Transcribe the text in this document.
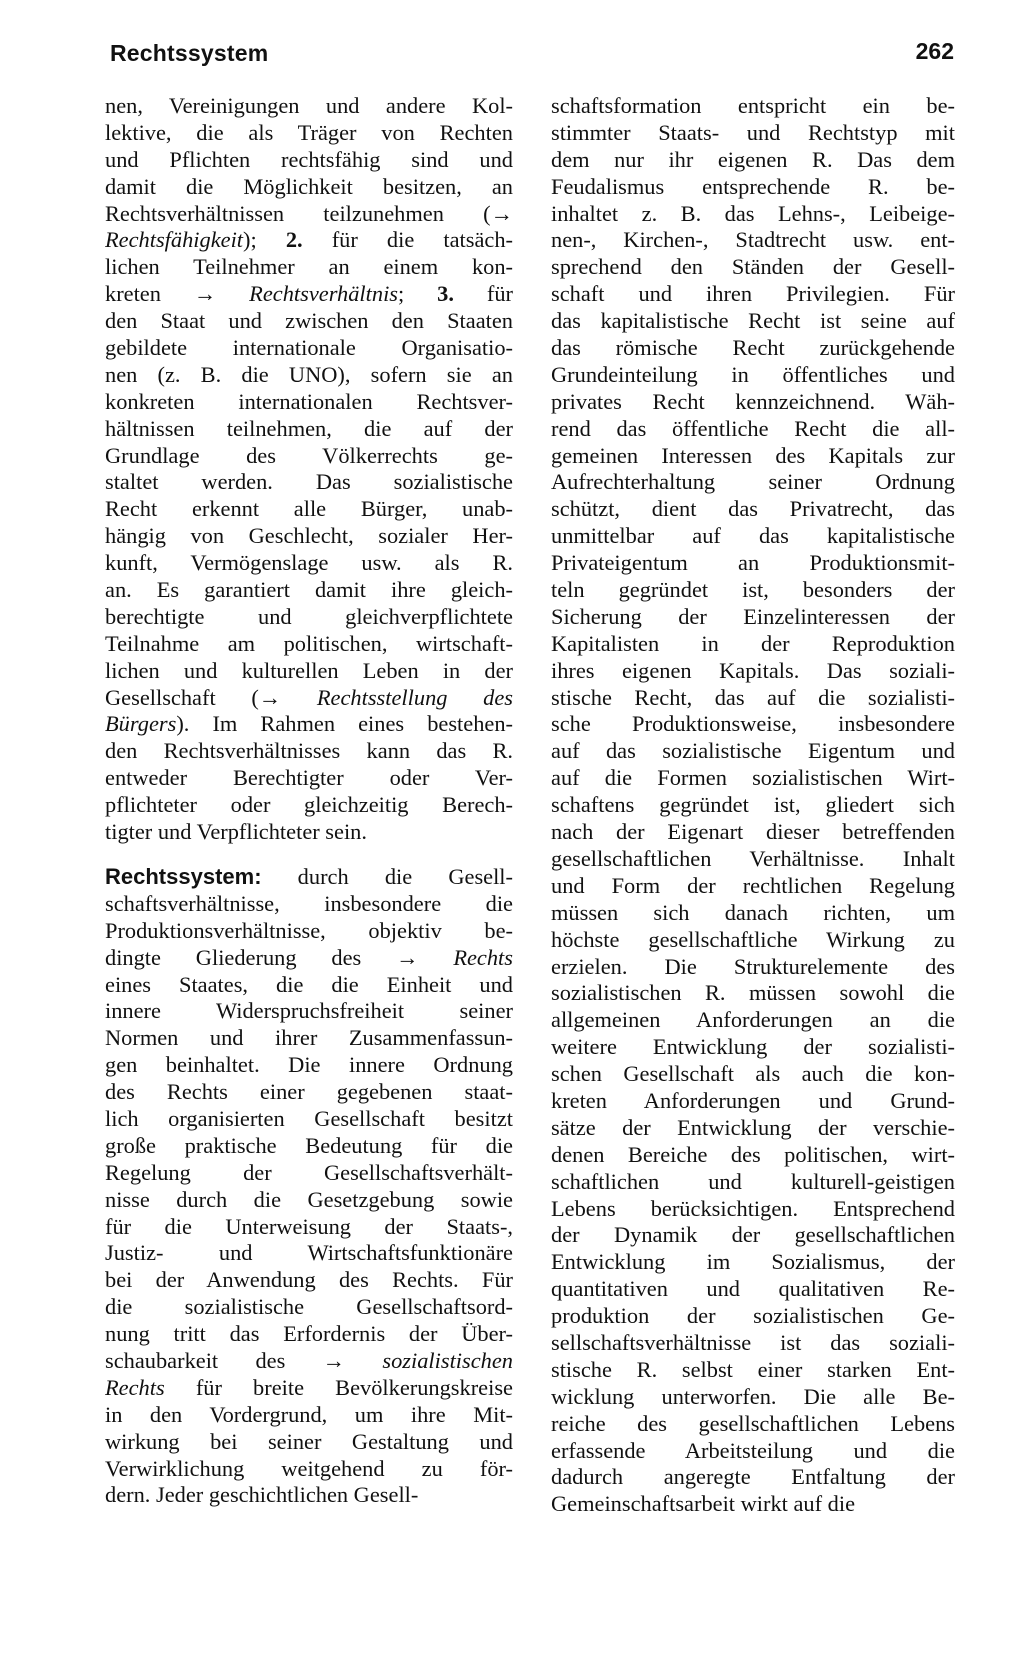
Rechtssystem	262
nen, Vereinigungen und andere Kol-
lektive, die als Träger von Rechten
und Pflichten rechtsfähig sind und
damit die Möglichkeit besitzen, an
Rechtsverhältnissen teilzunehmen (→
Rechtsfähigkeit); 2. für die tatsäch-
lichen Teilnehmer an einem kon-
kreten → Rechtsverhältnis; 3. für
den Staat und zwischen den Staaten
gebildete internationale Organisatio-
nen (z. B. die UNO), sofern sie an
konkreten internationalen Rechtsver-
hältnissen teilnehmen, die auf der
Grundlage des Völkerrechts ge-
staltet werden. Das sozialistische
Recht erkennt alle Bürger, unab-
hängig von Geschlecht, sozialer Her-
kunft, Vermögenslage usw. als R.
an. Es garantiert damit ihre gleich-
berechtigte und gleichverpflichtete
Teilnahme am politischen, wirtschaft-
lichen und kulturellen Leben in der
Gesellschaft (→ Rechtsstellung des
Bürgers). Im Rahmen eines bestehen-
den Rechtsverhältnisses kann das R.
entweder Berechtigter oder Ver-
pflichteter oder gleichzeitig Berech-
tigter und Verpflichteter sein.
Rechtssystem: durch die Gesell-
schaftsverhältnisse, insbesondere die
Produktionsverhältnisse, objektiv be-
dingte Gliederung des → Rechts
eines Staates, die die Einheit und
innere Widerspruchsfreiheit seiner
Normen und ihrer Zusammenfassun-
gen beinhaltet. Die innere Ordnung
des Rechts einer gegebenen staat-
lich organisierten Gesellschaft besitzt
große praktische Bedeutung für die
Regelung der Gesellschaftsverhält-
nisse durch die Gesetzgebung sowie
für die Unterweisung der Staats-,
Justiz- und Wirtschaftsfunktionäre
bei der Anwendung des Rechts. Für
die sozialistische Gesellschaftsord-
nung tritt das Erfordernis der Über-
schaubarkeit des → sozialistischen
Rechts für breite Bevölkerungskreise
in den Vordergrund, um ihre Mit-
wirkung bei seiner Gestaltung und
Verwirklichung weitgehend zu för-
dern. Jeder geschichtlichen Gesell-
schaftsformation entspricht ein be-
stimmter Staats- und Rechtstyp mit
dem nur ihr eigenen R. Das dem
Feudalismus entsprechende R. be-
inhaltet z. B. das Lehns-, Leibeige-
nen-, Kirchen-, Stadtrecht usw. ent-
sprechend den Ständen der Gesell-
schaft und ihren Privilegien. Für
das kapitalistische Recht ist seine auf
das römische Recht zurückgehende
Grundeinteilung in öffentliches und
privates Recht kennzeichnend. Wäh-
rend das öffentliche Recht die all-
gemeinen Interessen des Kapitals zur
Aufrechterhaltung seiner Ordnung
schützt, dient das Privatrecht, das
unmittelbar auf das kapitalistische
Privateigentum an Produktionsmit-
teln gegründet ist, besonders der
Sicherung der Einzelinteressen der
Kapitalisten in der Reproduktion
ihres eigenen Kapitals. Das soziali-
stische Recht, das auf die sozialisti-
sche Produktionsweise, insbesondere
auf das sozialistische Eigentum und
auf die Formen sozialistischen Wirt-
schaftens gegründet ist, gliedert sich
nach der Eigenart dieser betreffenden
gesellschaftlichen Verhältnisse. Inhalt
und Form der rechtlichen Regelung
müssen sich danach richten, um
höchste gesellschaftliche Wirkung zu
erzielen. Die Strukturelemente des
sozialistischen R. müssen sowohl die
allgemeinen Anforderungen an die
weitere Entwicklung der sozialisti-
schen Gesellschaft als auch die kon-
kreten Anforderungen und Grund-
sätze der Entwicklung der verschie-
denen Bereiche des politischen, wirt-
schaftlichen und kulturell-geistigen
Lebens berücksichtigen. Entsprechend
der Dynamik der gesellschaftlichen
Entwicklung im Sozialismus, der
quantitativen und qualitativen Re-
produktion der sozialistischen Ge-
sellschaftsverhältnisse ist das soziali-
stische R. selbst einer starken Ent-
wicklung unterworfen. Die alle Be-
reiche des gesellschaftlichen Lebens
erfassende Arbeitsteilung und die
dadurch angeregte Entfaltung der
Gemeinschaftsarbeit wirkt auf die
